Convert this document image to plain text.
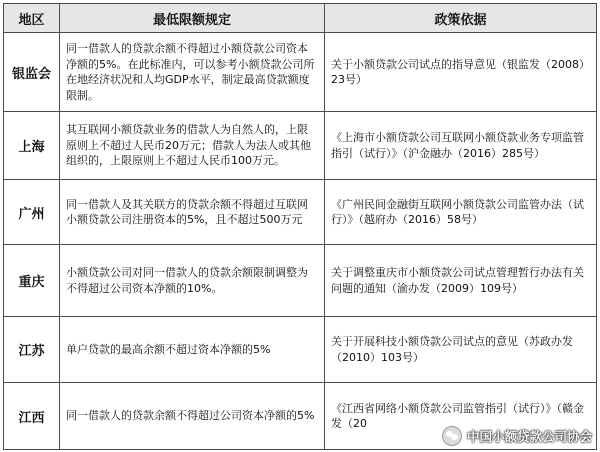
地区	最低限额规定	政策依据
银监会	同一借款人的贷款余额不得超过小额贷款公司资本净额的5%。在此标准内，可以参考小额贷款公司所在地经济状况和人均GDP水平，制定最高贷款额度限制。	关于小额贷款公司试点的指导意见（银监发（2008）23号）
上海	其互联网小额贷款业务的借款人为自然人的，上限原则上不超过人民币20万元；借款人为法人或其他组织的，上限原则上不超过人民币100万元。	《上海市小额贷款公司互联网小额贷款业务专项监管指引（试行）》（沪金融办（2016）285号）
广州	同一借款人及其关联方的贷款余额不得超过互联网小额贷款公司注册资本的5%，且不超过500万元	《广州民间金融街互联网小额贷款公司监管办法（试行）》（越府办（2016）58号）
重庆	小额贷款公司对同一借款人的贷款余额限制调整为不得超过公司资本净额的10%。	关于调整重庆市小额贷款公司试点管理暂行办法有关问题的通知（渝办发（2009）109号）
江苏	单户贷款的最高余额不超过资本净额的5%	关于开展科技小额贷款公司试点的意见（苏政办发（2010）103号）
江西	同一借款人的贷款余额不得超过公司资本净额的5%	《江西省网络小额贷款公司监管指引（试行）》（赣金发（20
中国小额贷款公司协会
